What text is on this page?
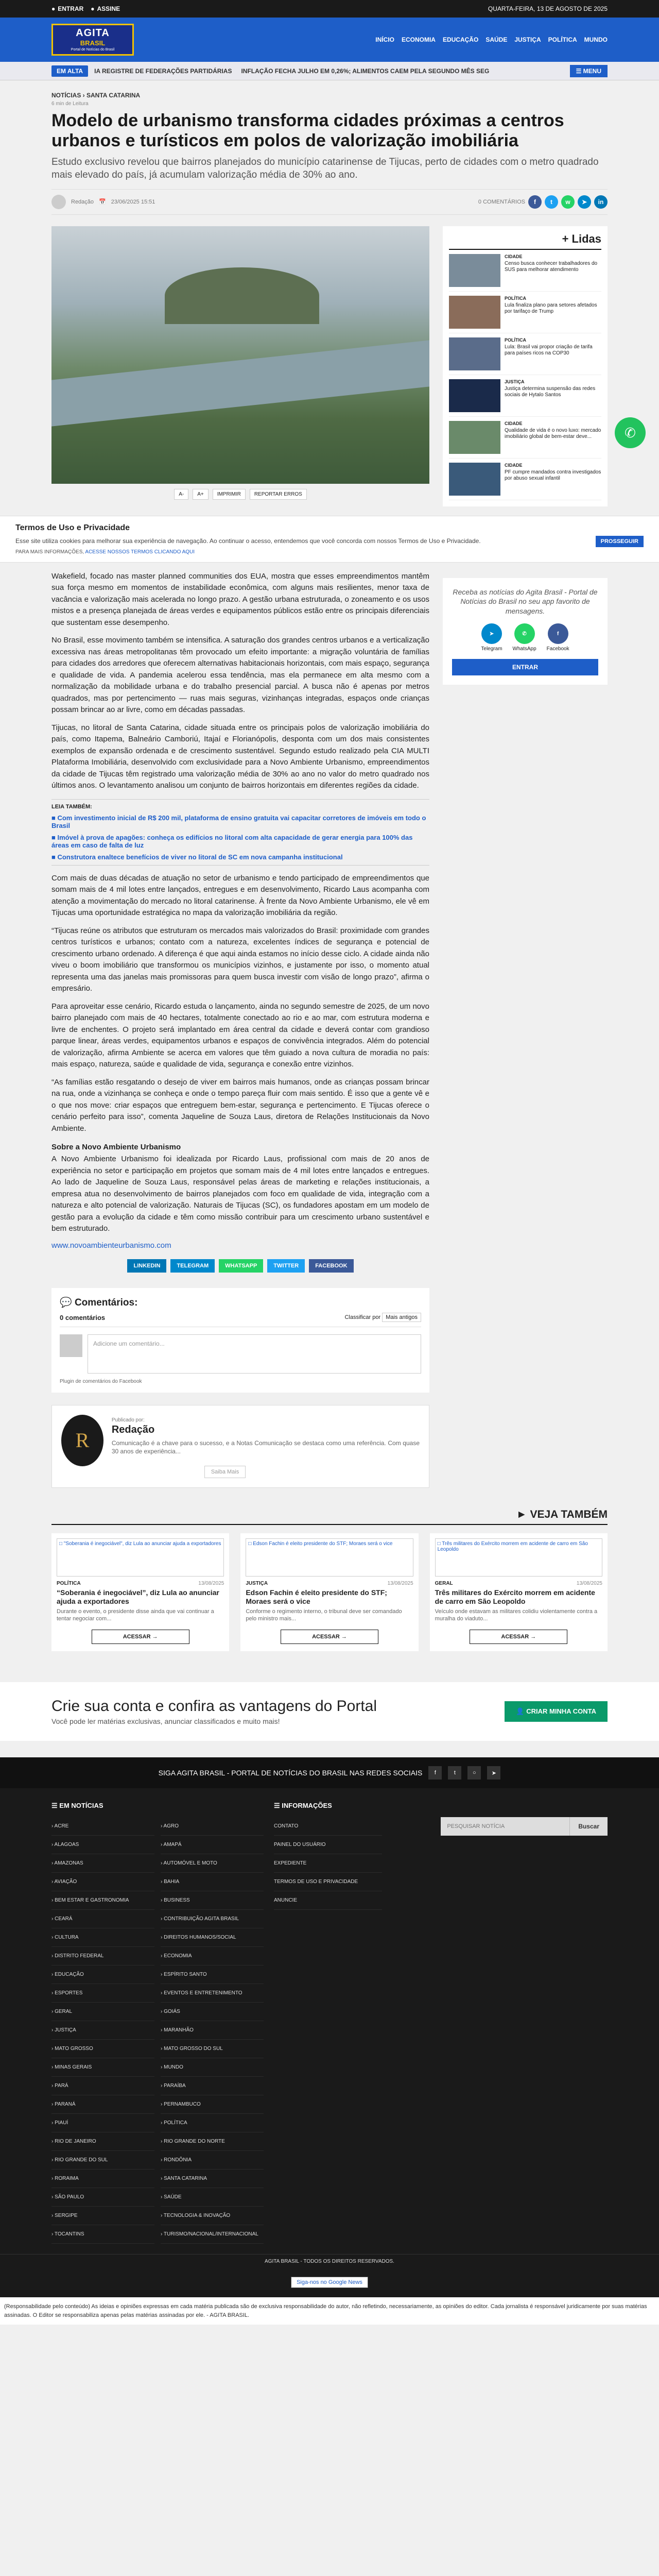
● ENTRAR ● ASSINE	QUARTA-FEIRA, 13 DE AGOSTO DE 2025
AGITA
BRASIL
Portal de Notícias do Brasil
INÍCIO ECONOMIA EDUCAÇÃO SAÚDE JUSTIÇA POLÍTICA MUNDO
EM ALTA	IA REGISTRE DE FEDERAÇÕES PARTIDÁRIAS INFLAÇÃO FECHA JULHO EM 0,26%; ALIMENTOS CAEM PELA SEGUNDO MÊS SEG	☰ MENU
NOTÍCIAS › SANTA CATARINA
6 min de Leitura
Modelo de urbanismo transforma cidades próximas a centros urbanos e turísticos em polos de valorização imobiliária
Estudo exclusivo revelou que bairros planejados do município catarinense de Tijucas, perto de cidades com o metro quadrado mais elevado do país, já acumulam valorização média de 30% ao ano.
Redação 📅 23/06/2025 15:51	0 COMENTÁRIOS	f	t	w	➤	in
A-	A+	IMPRIMIR	REPORTAR ERROS
+ Lidas
CIDADE
Censo busca conhecer trabalhadores do SUS para melhorar atendimento
POLÍTICA
Lula finaliza plano para setores afetados por tarifaço de Trump
POLÍTICA
Lula: Brasil vai propor criação de tarifa para países ricos na COP30
JUSTIÇA
Justiça determina suspensão das redes sociais de Hytalo Santos
CIDADE
Qualidade de vida é o novo luxo: mercado imobiliário global de bem-estar deve...
CIDADE
PF cumpre mandados contra investigados por abuso sexual infantil
Termos de Uso e Privacidade

Esse site utiliza cookies para melhorar sua experiência de navegação. Ao continuar o acesso, entendemos que você concorda com nossos Termos de Uso e Privacidade.	PROSSEGUIR
PARA MAIS INFORMAÇÕES, ACESSE NOSSOS TERMOS CLICANDO AQUI

Wakefield, focado nas master planned communities dos EUA, mostra que esses empreendimentos mantêm sua força mesmo em momentos de instabilidade econômica, com alguns mais resilientes, menor taxa de vacância e valorização mais acelerada no longo prazo. A gestão urbana estruturada, o zoneamento e os usos mistos e a presença planejada de áreas verdes e equipamentos públicos estão entre os principais diferenciais que sustentam esse desempenho.

No Brasil, esse movimento também se intensifica. A saturação dos grandes centros urbanos e a verticalização excessiva nas áreas metropolitanas têm provocado um efeito importante: a migração voluntária de famílias para cidades dos arredores que oferecem alternativas habitacionais horizontais, com mais espaço, segurança e qualidade de vida. A pandemia acelerou essa tendência, mas ela permanece em alta mesmo com a normalização da mobilidade urbana e do trabalho presencial parcial. A busca não é apenas por metros quadrados, mas por pertencimento — ruas mais seguras, vizinhanças integradas, espaços onde crianças possam brincar ao ar livre, como em décadas passadas.

Tijucas, no litoral de Santa Catarina, cidade situada entre os principais polos de valorização imobiliária do país, como Itapema, Balneário Camboriú, Itajaí e Florianópolis, desponta com um dos mais consistentes exemplos de expansão ordenada e de crescimento sustentável. Segundo estudo realizado pela CIA MULTI Plataforma Imobiliária, desenvolvido com exclusividade para a Novo Ambiente Urbanismo, empreendimentos da cidade de Tijucas têm registrado uma valorização média de 30% ao ano no valor do metro quadrado nos últimos anos. O levantamento analisou um conjunto de bairros horizontais em diferentes regiões da cidade.

LEIA TAMBÉM:
■ Com investimento inicial de R$ 200 mil, plataforma de ensino gratuita vai capacitar corretores de imóveis em todo o Brasil
■ Imóvel à prova de apagões: conheça os edifícios no litoral com alta capacidade de gerar energia para 100% das áreas em caso de falta de luz
■ Construtora enaltece benefícios de viver no litoral de SC em nova campanha institucional

Com mais de duas décadas de atuação no setor de urbanismo e tendo participado de empreendimentos que somam mais de 4 mil lotes entre lançados, entregues e em desenvolvimento, Ricardo Laus acompanha com atenção a movimentação do mercado no litoral catarinense. À frente da Novo Ambiente Urbanismo, ele vê em Tijucas uma oportunidade estratégica no mapa da valorização imobiliária da região.

“Tijucas reúne os atributos que estruturam os mercados mais valorizados do Brasil: proximidade com grandes centros turísticos e urbanos; contato com a natureza, excelentes índices de segurança e potencial de crescimento urbano ordenado. A diferença é que aqui ainda estamos no início desse ciclo. A cidade ainda não viveu o boom imobiliário que transformou os municípios vizinhos, e justamente por isso, o momento atual representa uma das janelas mais promissoras para quem busca investir com visão de longo prazo”, afirma o empresário.

Para aproveitar esse cenário, Ricardo estuda o lançamento, ainda no segundo semestre de 2025, de um novo bairro planejado com mais de 40 hectares, totalmente conectado ao rio e ao mar, com estrutura moderna e livre de enchentes. O projeto será implantado em área central da cidade e deverá contar com grandioso parque linear, áreas verdes, equipamentos urbanos e espaços de convivência integrados. Além do potencial de valorização, afirma Ambiente se acerca em valores que têm guiado a nova cultura de moradia no país: mais espaço, natureza, saúde e qualidade de vida, segurança e conexão entre vizinhos.

“As famílias estão resgatando o desejo de viver em bairros mais humanos, onde as crianças possam brincar na rua, onde a vizinhança se conheça e onde o tempo pareça fluir com mais sentido. É isso que a gente vê e o que nos move: criar espaços que entreguem bem-estar, segurança e pertencimento. E Tijucas oferece o cenário perfeito para isso”, comenta Jaqueline de Souza Laus, diretora de Relações Institucionais da Novo Ambiente.

Sobre a Novo Ambiente Urbanismo

A Novo Ambiente Urbanismo foi idealizada por Ricardo Laus, profissional com mais de 20 anos de experiência no setor e participação em projetos que somam mais de 4 mil lotes entre lançados e entregues. Ao lado de Jaqueline de Souza Laus, responsável pelas áreas de marketing e relações institucionais, a empresa atua no desenvolvimento de bairros planejados com foco em qualidade de vida, integração com a natureza e alto potencial de valorização. Naturais de Tijucas (SC), os fundadores apostam em um modelo de gestão para a evolução da cidade e têm como missão contribuir para um crescimento urbano sustentável e bem estruturado.

www.novoambienteurbanismo.com
LINKEDIN	TELEGRAM	WHATSAPP	TWITTER	FACEBOOK
💬 Comentários:
0 comentários	Classificar por Mais antigos
Adicione um comentário...
Plugin de comentários do Facebook
R
Publicado por:
Redação

Comunicação é a chave para o sucesso, e a Notas Comunicação se destaca como uma referência. Com quase 30 anos de experiência...

Saiba Mais

Receba as notícias do Agita Brasil - Portal de Notícias do Brasil no seu app favorito de mensagens.

➤
Telegram
✆
WhatsApp
f
Facebook
ENTRAR
► VEJA TAMBÉM
□ "Soberania é inegociável", diz Lula ao anunciar ajuda a exportadores
POLÍTICA	13/08/2025
“Soberania é inegociável”, diz Lula ao anunciar ajuda a exportadores

Durante o evento, o presidente disse ainda que vai continuar a tentar negociar com...

ACESSAR →
□ Edson Fachin é eleito presidente do STF; Moraes será o vice
JUSTIÇA	13/08/2025
Edson Fachin é eleito presidente do STF; Moraes será o vice

Conforme o regimento interno, o tribunal deve ser comandado pelo ministro mais...

ACESSAR →
□ Três militares do Exército morrem em acidente de carro em São Leopoldo
GERAL	13/08/2025
Três militares do Exército morrem em acidente de carro em São Leopoldo

Veículo onde estavam as militares colidiu violentamente contra a muralha do viaduto...

ACESSAR →
Crie sua conta e confira as vantagens do Portal

Você pode ler matérias exclusivas, anunciar classificados e muito mais!

👤 CRIAR MINHA CONTA
SIGA AGITA BRASIL - PORTAL DE NOTÍCIAS DO BRASIL NAS REDES SOCIAIS	f	t	○	➤
☰ EM NOTÍCIAS
› ACRE	› AGRO
› ALAGOAS	› AMAPÁ
› AMAZONAS	› AUTOMÓVEL E MOTO
› AVIAÇÃO	› BAHIA
› BEM ESTAR E GASTRONOMIA	› BUSINESS
› CEARÁ	› CONTRIBUIÇÃO AGITA BRASIL
› CULTURA	› DIREITOS HUMANOS/SOCIAL
› DISTRITO FEDERAL	› ECONOMIA
› EDUCAÇÃO	› ESPÍRITO SANTO
› ESPORTES	› EVENTOS E ENTRETENIMENTO
› GERAL	› GOIÁS
› JUSTIÇA	› MARANHÃO
› MATO GROSSO	› MATO GROSSO DO SUL
› MINAS GERAIS	› MUNDO
› PARÁ	› PARAÍBA
› PARANÁ	› PERNAMBUCO
› PIAUÍ	› POLÍTICA
› RIO DE JANEIRO	› RIO GRANDE DO NORTE
› RIO GRANDE DO SUL	› RONDÔNIA
› RORAIMA	› SANTA CATARINA
› SÃO PAULO	› SAÚDE
› SERGIPE	› TECNOLOGIA & INOVAÇÃO
› TOCANTINS	› TURISMO/NACIONAL/INTERNACIONAL
☰ INFORMAÇÕES
CONTATO
PAINEL DO USUÁRIO
EXPEDIENTE
TERMOS DE USO E PRIVACIDADE
ANUNCIE
PESQUISAR NOTÍCIA	Buscar
AGITA BRASIL - TODOS OS DIREITOS RESERVADOS.
Siga-nos no Google News
(Responsabilidade pelo conteúdo) As ideias e opiniões expressas em cada matéria publicada são de exclusiva responsabilidade do autor, não refletindo, necessariamente, as opiniões do editor. Cada jornalista é responsável juridicamente por suas matérias assinadas. O Editor se responsabiliza apenas pelas matérias assinadas por ele. - AGITA BRASIL.
✆
